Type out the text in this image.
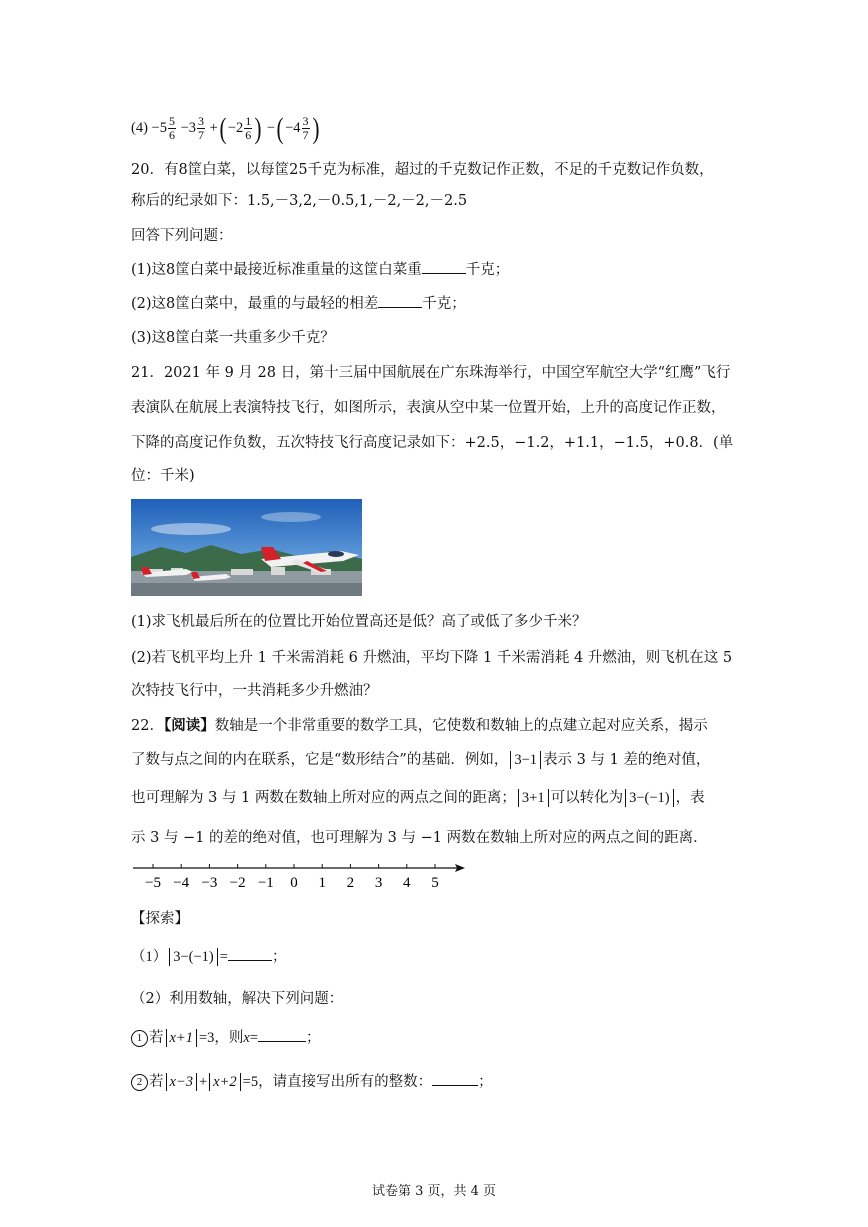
$(4) -5 \frac{5}{6} -3 \frac{3}{7}$ +( $-2 \frac{1}{6}$ ) −( $-4 \frac{3}{7}$ )
20．有8筐白菜，以每筐25千克为标准，超过的千克数记作正数，不足的千克数记作负数，
称后的纪录如下：1.5,－3,2,－0.5,1,－2,－2,－2.5
回答下列问题：
(1)这8筐白菜中最接近标准重量的这筐白菜重	千克；
(2)这8筐白菜中，最重的与最轻的相差	千克；
(3)这8筐白菜一共重多少千克？
21．2021 年 9 月 28 日，第十三届中国航展在广东珠海举行，中国空军航空大学“红鹰”飞行
表演队在航展上表演特技飞行，如图所示，表演从空中某一位置开始，上升的高度记作正数，
下降的高度记作负数，五次特技飞行高度记录如下：+2.5，−1.2，+1.1，−1.5，+0.8．(单
位：千米)
(1)求飞机最后所在的位置比开始位置高还是低？高了或低了多少千米？
(2)若飞机平均上升 1 千米需消耗 6 升燃油，平均下降 1 千米需消耗 4 升燃油，则飞机在这 5
次特技飞行中，一共消耗多少升燃油？
22．【阅读】数轴是一个非常重要的数学工具，它使数和数轴上的点建立起对应关系，揭示
了数与点之间的内在联系，它是“数形结合”的基础．例如， 3−1 表示 3 与 1 差的绝对值，
也可理解为 3 与 1 两数在数轴上所对应的两点之间的距离； 3+1 可以转化为 3−(−1) ，表
示 3 与 −1 的差的绝对值，也可理解为 3 与 −1 两数在数轴上所对应的两点之间的距离．
−5 −4 −3 −2 −1 0 1 2 3 4 5
【探索】
（1） 3−(−1) =	；
（2）利用数轴，解决下列问题：
1 若 x+1 =3，则x=	；
2 若 x−3 + x+2 =5，请直接写出所有的整数：	；
试卷第 3 页，共 4 页
